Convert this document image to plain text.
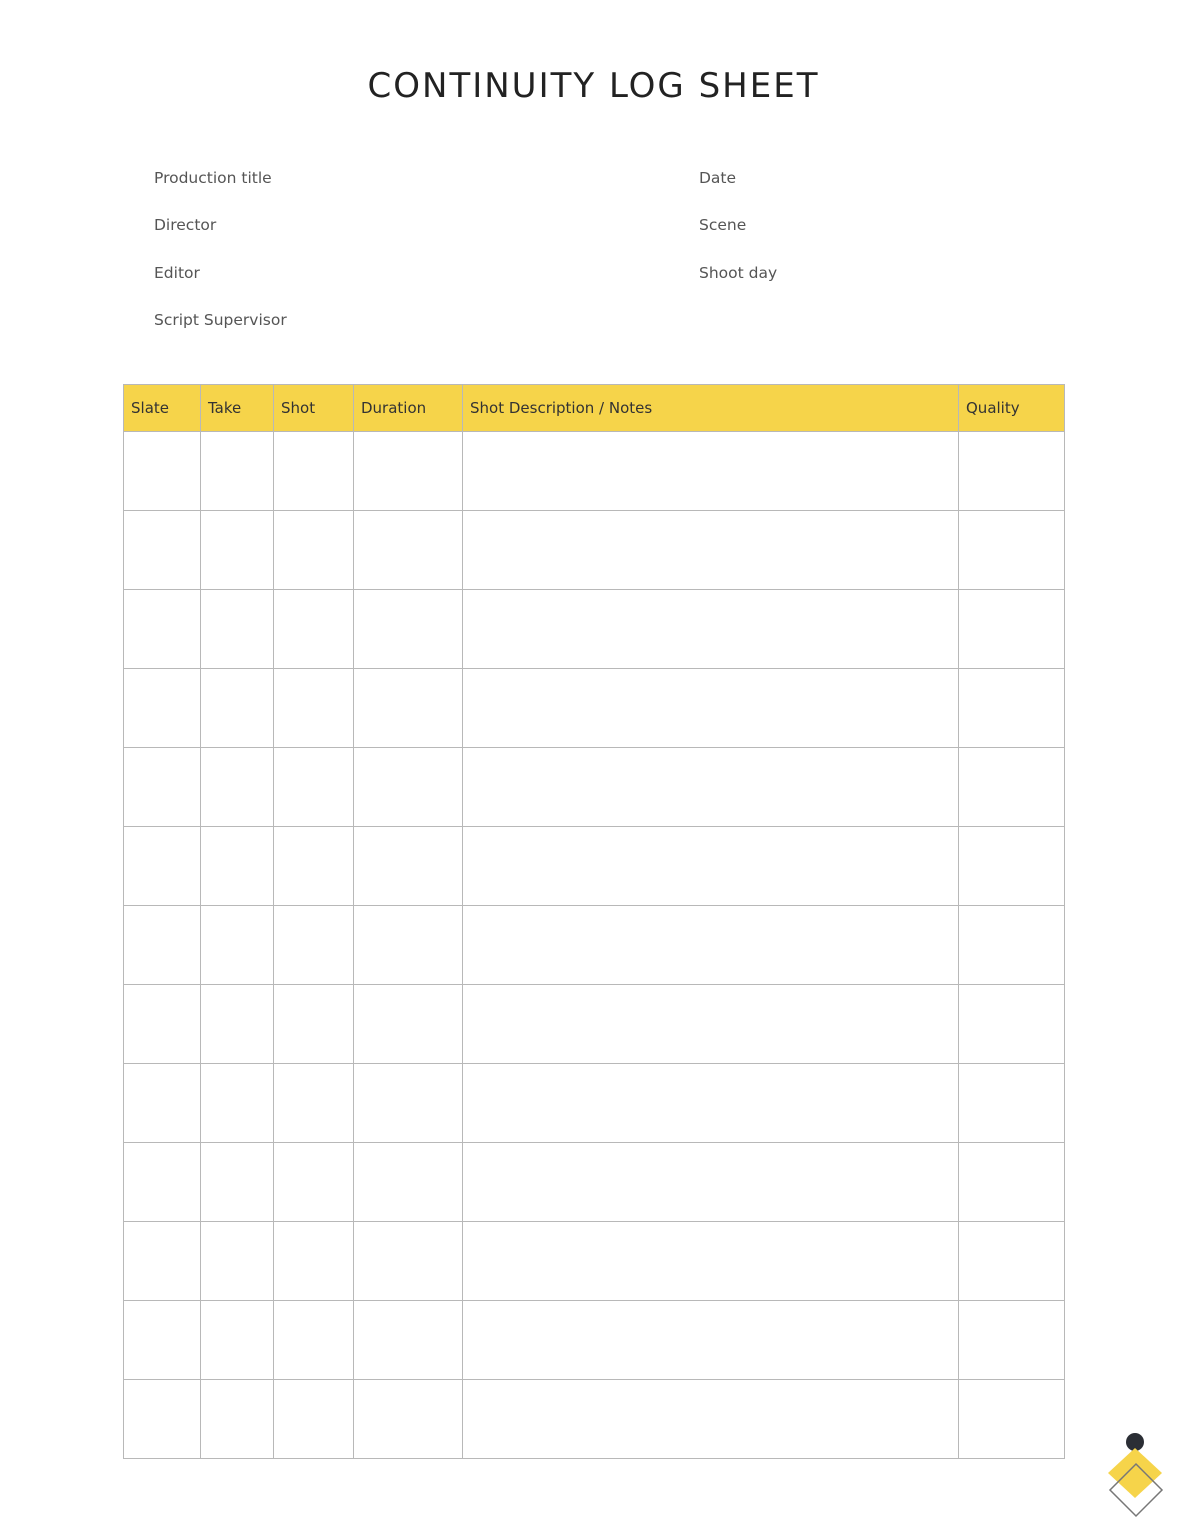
CONTINUITY LOG SHEET
Production title
Director
Editor
Script Supervisor
Date
Scene
Shoot day
Slate	Take	Shot	Duration	Shot Description / Notes	Quality
